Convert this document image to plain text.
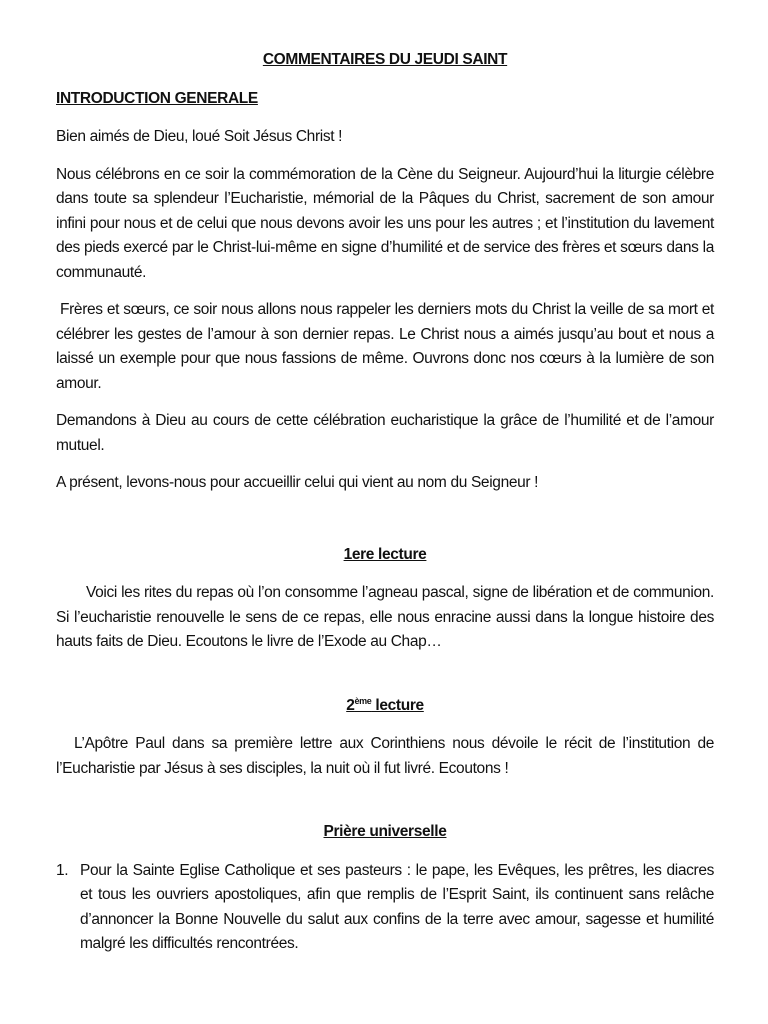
COMMENTAIRES DU JEUDI SAINT
INTRODUCTION GENERALE

Bien aimés de Dieu, loué Soit Jésus Christ !

Nous célébrons en ce soir la commémoration de la Cène du Seigneur. Aujourd’hui la liturgie célèbre dans toute sa splendeur l’Eucharistie, mémorial de la Pâques du Christ, sacrement de son amour infini pour nous et de celui que nous devons avoir les uns pour les autres ; et l’institution du lavement des pieds exercé par le Christ-lui-même en signe d’humilité et de service des frères et sœurs dans la communauté.

Frères et sœurs, ce soir nous allons nous rappeler les derniers mots du Christ la veille de sa mort et célébrer les gestes de l’amour à son dernier repas. Le Christ nous a aimés jusqu’au bout et nous a laissé un exemple pour que nous fassions de même. Ouvrons donc nos cœurs à la lumière de son amour.

Demandons à Dieu au cours de cette célébration eucharistique la grâce de l’humilité et de l’amour mutuel.

A présent, levons-nous pour accueillir celui qui vient au nom du Seigneur !

1ere lecture

Voici les rites du repas où l’on consomme l’agneau pascal, signe de libération et de communion. Si l’eucharistie renouvelle le sens de ce repas, elle nous enracine aussi dans la longue histoire des hauts faits de Dieu. Ecoutons le livre de l’Exode au Chap…

2ème lecture

L’Apôtre Paul dans sa première lettre aux Corinthiens nous dévoile le récit de l’institution de l’Eucharistie par Jésus à ses disciples, la nuit où il fut livré. Ecoutons !

Prière universelle
1. Pour la Sainte Eglise Catholique et ses pasteurs : le pape, les Evêques, les prêtres, les diacres et tous les ouvriers apostoliques, afin que remplis de l’Esprit Saint, ils continuent sans relâche d’annoncer la Bonne Nouvelle du salut aux confins de la terre avec amour, sagesse et humilité malgré les difficultés rencontrées.
